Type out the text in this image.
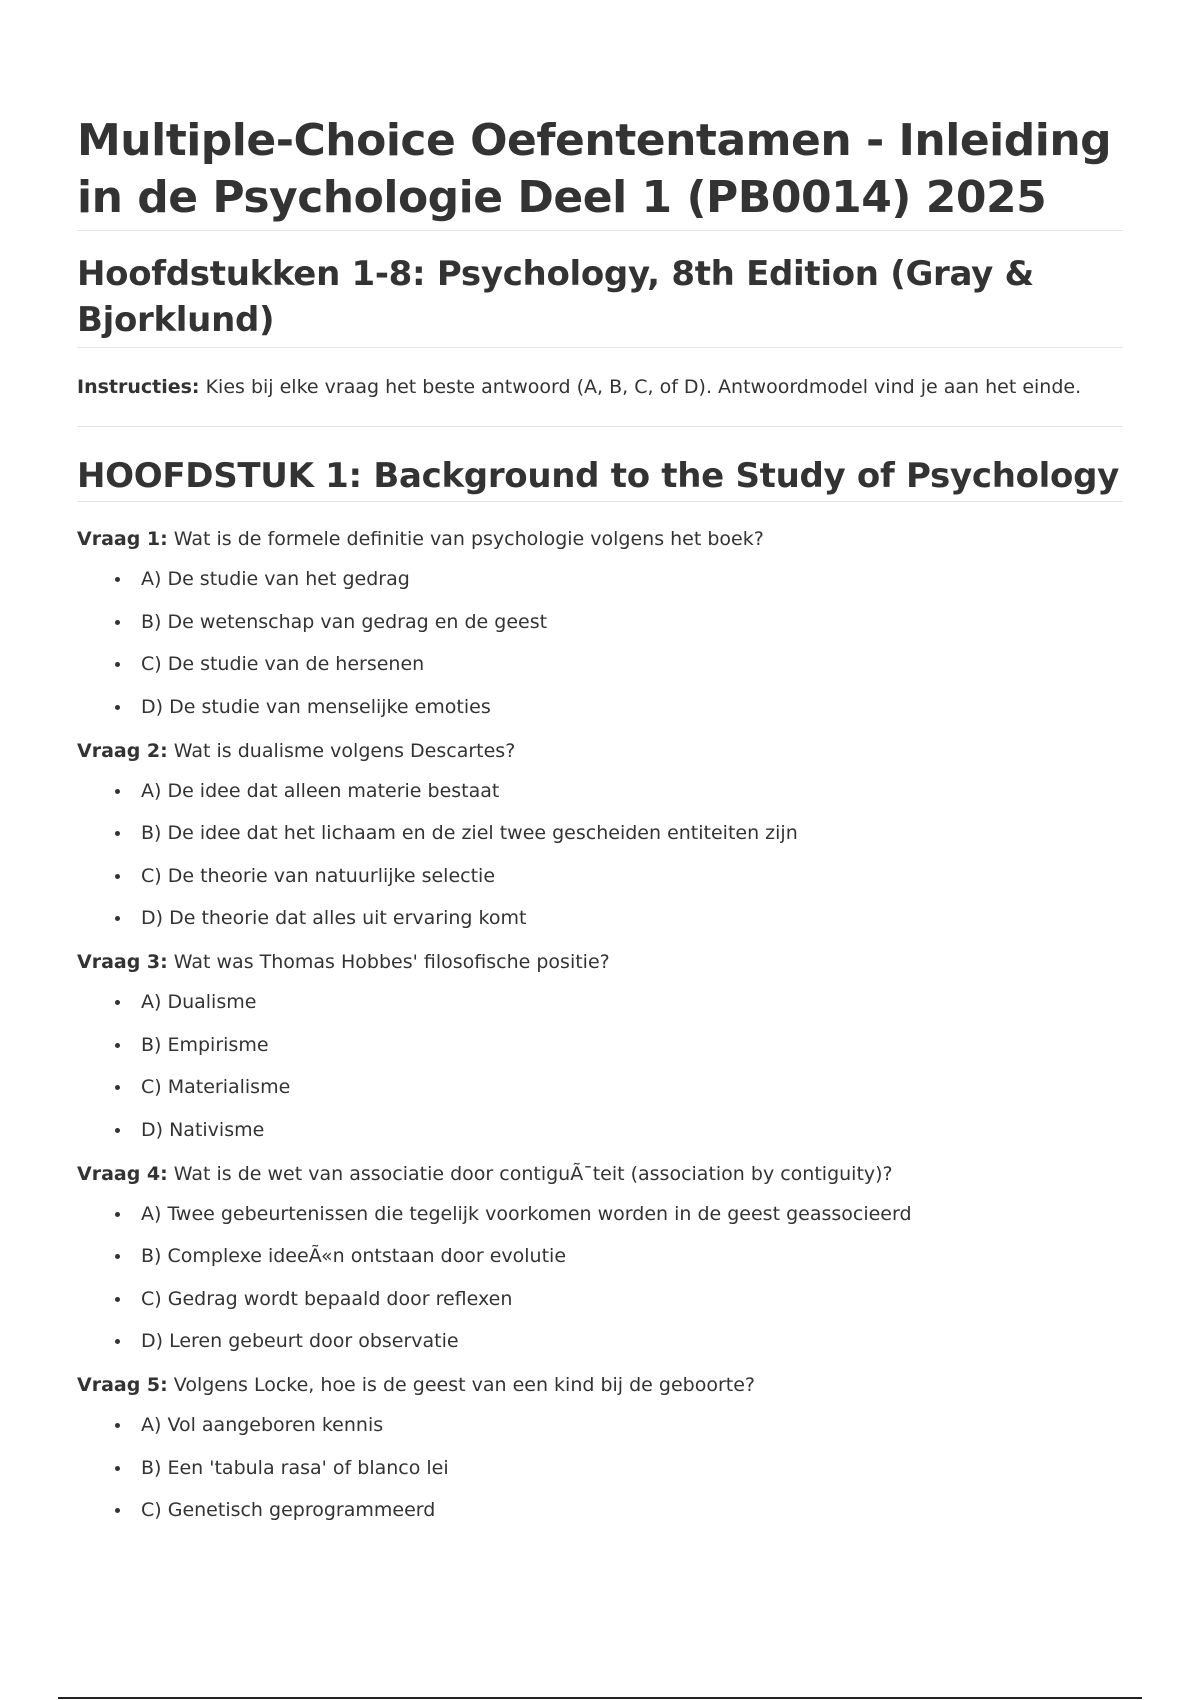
Multiple-Choice Oefententamen - Inleiding in de Psychologie Deel 1 (PB0014) 2025
Hoofdstukken 1-8: Psychology, 8th Edition (Gray & Bjorklund)

Instructies: Kies bij elke vraag het beste antwoord (A, B, C, of D). Antwoordmodel vind je aan het einde.

HOOFDSTUK 1: Background to the Study of Psychology

Vraag 1: Wat is de formele definitie van psychologie volgens het boek?

A) De studie van het gedrag
B) De wetenschap van gedrag en de geest
C) De studie van de hersenen
D) De studie van menselijke emoties

Vraag 2: Wat is dualisme volgens Descartes?

A) De idee dat alleen materie bestaat
B) De idee dat het lichaam en de ziel twee gescheiden entiteiten zijn
C) De theorie van natuurlijke selectie
D) De theorie dat alles uit ervaring komt

Vraag 3: Wat was Thomas Hobbes' filosofische positie?

A) Dualisme
B) Empirisme
C) Materialisme
D) Nativisme

Vraag 4: Wat is de wet van associatie door contiguÃ¯teit (association by contiguity)?

A) Twee gebeurtenissen die tegelijk voorkomen worden in de geest geassocieerd
B) Complexe ideeÃ«n ontstaan door evolutie
C) Gedrag wordt bepaald door reflexen
D) Leren gebeurt door observatie

Vraag 5: Volgens Locke, hoe is de geest van een kind bij de geboorte?

A) Vol aangeboren kennis
B) Een 'tabula rasa' of blanco lei
C) Genetisch geprogrammeerd
